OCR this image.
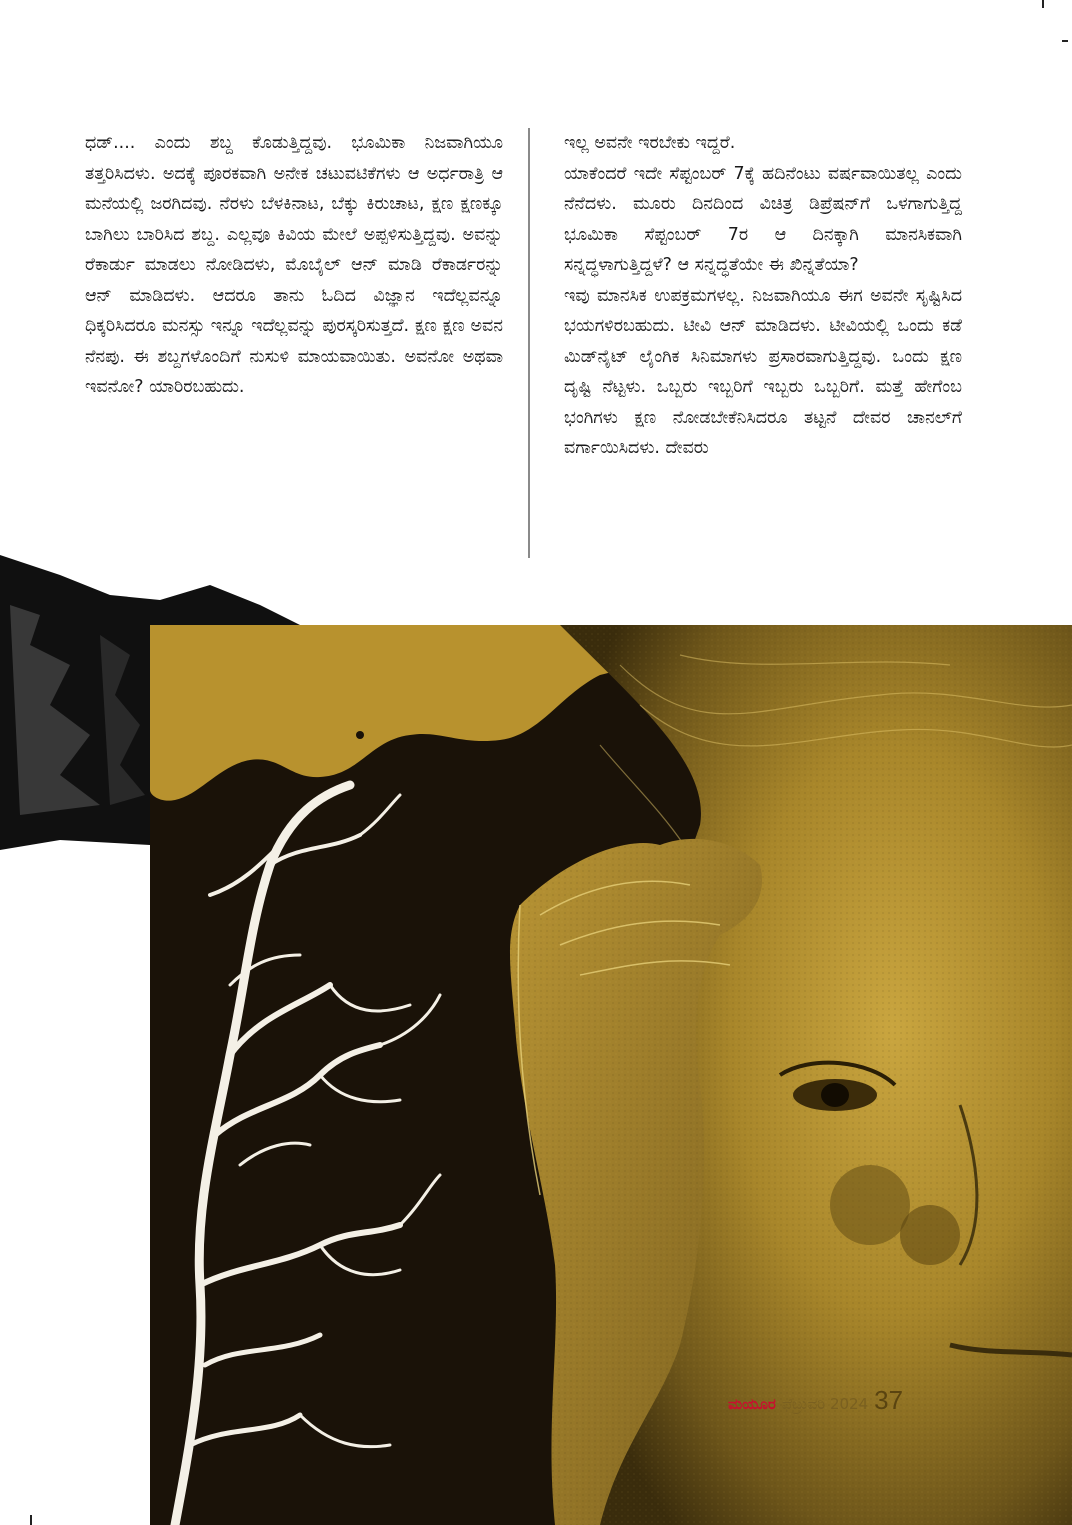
ಧಡ್.... ಎಂದು ಶಬ್ದ ಕೊಡುತ್ತಿದ್ದವು. ಭೂಮಿಕಾ ನಿಜವಾಗಿಯೂ ತತ್ತರಿಸಿದಳು. ಅದಕ್ಕೆ ಪೂರಕವಾಗಿ ಅನೇಕ ಚಟುವಟಿಕೆಗಳು ಆ ಅರ್ಧರಾತ್ರಿ ಆ ಮನೆಯಲ್ಲಿ ಜರಗಿದವು. ನೆರಳು ಬೆಳಕಿನಾಟ, ಬೆಕ್ಕು ಕಿರುಚಾಟ, ಕ್ಷಣ ಕ್ಷಣಕ್ಕೂ ಬಾಗಿಲು ಬಾರಿಸಿದ ಶಬ್ದ. ಎಲ್ಲವೂ ಕಿವಿಯ ಮೇಲೆ ಅಪ್ಪಳಿಸುತ್ತಿದ್ದವು. ಅವನ್ನು ರೆಕಾರ್ಡು ಮಾಡಲು ನೋಡಿದಳು, ಮೊಬೈಲ್ ಆನ್ ಮಾಡಿ ರೆಕಾರ್ಡರನ್ನು ಆನ್ ಮಾಡಿದಳು. ಆದರೂ ತಾನು ಓದಿದ ವಿಜ್ಞಾನ ಇದೆಲ್ಲವನ್ನೂ ಧಿಕ್ಕರಿಸಿದರೂ ಮನಸ್ಸು ಇನ್ನೂ ಇದೆಲ್ಲವನ್ನು ಪುರಸ್ಕರಿಸುತ್ತದೆ. ಕ್ಷಣ ಕ್ಷಣ ಅವನ ನೆನಪು. ಈ ಶಬ್ದಗಳೊಂದಿಗೆ ನುಸುಳಿ ಮಾಯವಾಯಿತು. ಅವನೋ ಅಥವಾ ಇವನೋ? ಯಾರಿರಬಹುದು.

ಇಲ್ಲ ಅವನೇ ಇರಬೇಕು ಇದ್ದರೆ.

ಯಾಕೆಂದರೆ ಇದೇ ಸೆಪ್ಟಂಬರ್ 7ಕ್ಕೆ ಹದಿನೆಂಟು ವರ್ಷವಾಯಿತಲ್ಲ ಎಂದು ನೆನೆದಳು. ಮೂರು ದಿನದಿಂದ ವಿಚಿತ್ರ ಡಿಪ್ರೆಷನ್‌ಗೆ ಒಳಗಾಗುತ್ತಿದ್ದ ಭೂಮಿಕಾ ಸೆಪ್ಟಂಬರ್ 7ರ ಆ ದಿನಕ್ಕಾಗಿ ಮಾನಸಿಕವಾಗಿ ಸನ್ನದ್ಧಳಾಗುತ್ತಿದ್ದಳೆ? ಆ ಸನ್ನದ್ಧತೆಯೇ ಈ ಖಿನ್ನತೆಯಾ?

ಇವು ಮಾನಸಿಕ ಉಪಕ್ರಮಗಳಲ್ಲ. ನಿಜವಾಗಿಯೂ ಈಗ ಅವನೇ ಸೃಷ್ಟಿಸಿದ ಭಯಗಳಿರಬಹುದು. ಟೀವಿ ಆನ್ ಮಾಡಿದಳು. ಟೀವಿಯಲ್ಲಿ ಒಂದು ಕಡೆ ಮಿಡ್‌ನೈಟ್ ಲೈಂಗಿಕ ಸಿನಿಮಾಗಳು ಪ್ರಸಾರವಾಗುತ್ತಿದ್ದವು. ಒಂದು ಕ್ಷಣ ದೃಷ್ಟಿ ನೆಟ್ಟಳು. ಒಬ್ಬರು ಇಬ್ಬರಿಗೆ ಇಬ್ಬರು ಒಬ್ಬರಿಗೆ. ಮತ್ತೆ ಹೇಗೆಂಬ ಭಂಗಿಗಳು ಕ್ಷಣ ನೋಡಬೇಕೆನಿಸಿದರೂ ತಟ್ಟನೆ ದೇವರ ಚಾನಲ್‌ಗೆ ವರ್ಗಾಯಿಸಿದಳು. ದೇವರು

ಮಯೂರ ಫೆಬ್ರುವರಿ 2024 37
